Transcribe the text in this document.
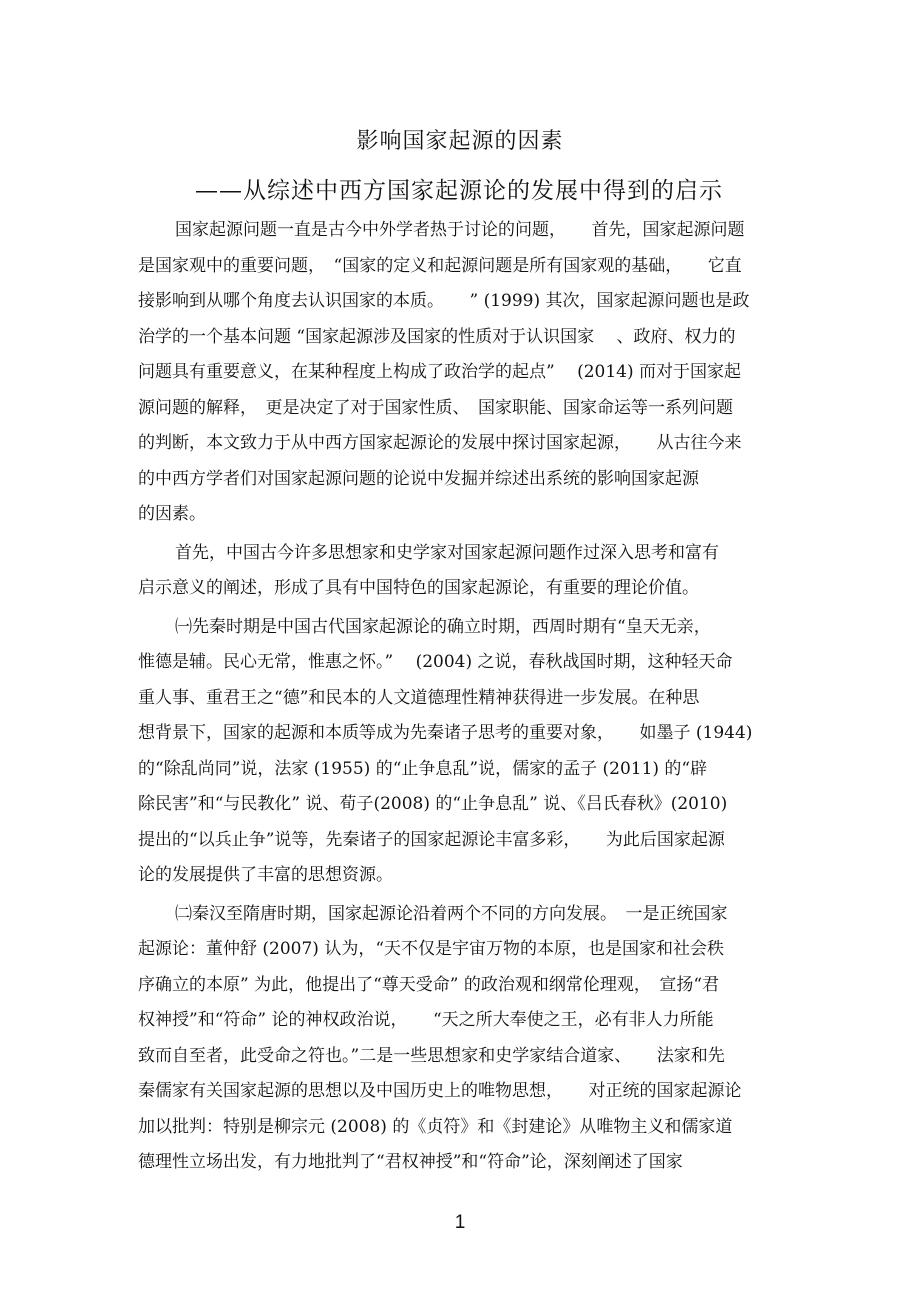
影响国家起源的因素
——从综述中西方国家起源论的发展中得到的启示
国家起源问题一直是古今中外学者热于讨论的问题，　　首先，国家起源问题
是国家观中的重要问题，　“国家的定义和起源问题是所有国家观的基础，　　它直
接影响到从哪个角度去认识国家的本质。　　” (1999) 其次，国家起源问题也是政
治学的一个基本问题 “国家起源涉及国家的性质对于认识国家　 、政府、权力的
问题具有重要意义，在某种程度上构成了政治学的起点”　 (2014) 而对于国家起
源问题的解释，　更是决定了对于国家性质、　国家职能、国家命运等一系列问题
的判断，本文致力于从中西方国家起源论的发展中探讨国家起源，　　从古往今来
的中西方学者们对国家起源问题的论说中发掘并综述出系统的影响国家起源
的因素。
首先，中国古今许多思想家和史学家对国家起源问题作过深入思考和富有
启示意义的阐述，形成了具有中国特色的国家起源论，有重要的理论价值。
㈠先秦时期是中国古代国家起源论的确立时期，西周时期有“皇天无亲，
惟德是辅。民心无常，惟惠之怀。”　 (2004) 之说，春秋战国时期，这种轻天命
重人事、重君王之“德”和民本的人文道德理性精神获得进一步发展。在种思
想背景下，国家的起源和本质等成为先秦诸子思考的重要对象，　　如墨子 (1944)
的“除乱尚同”说，法家 (1955) 的“止争息乱”说，儒家的孟子 (2011) 的“辟
除民害”和“与民教化” 说、荀子(2008) 的“止争息乱” 说、《吕氏春秋》(2010)
提出的“以兵止争”说等，先秦诸子的国家起源论丰富多彩，　　为此后国家起源
论的发展提供了丰富的思想资源。
㈡秦汉至隋唐时期，国家起源论沿着两个不同的方向发展。　一是正统国家
起源论：董仲舒 (2007) 认为，“天不仅是宇宙万物的本原，也是国家和社会秩
序确立的本原” 为此，他提出了“尊天受命” 的政治观和纲常伦理观，　宣扬“君
权神授”和“符命” 论的神权政治说，　　“天之所大奉使之王，必有非人力所能
致而自至者，此受命之符也。”二是一些思想家和史学家结合道家、　　法家和先
秦儒家有关国家起源的思想以及中国历史上的唯物思想，　　对正统的国家起源论
加以批判：特别是柳宗元 (2008) 的《贞符》和《封建论》从唯物主义和儒家道
德理性立场出发，有力地批判了“君权神授”和“符命”论，深刻阐述了国家
1
